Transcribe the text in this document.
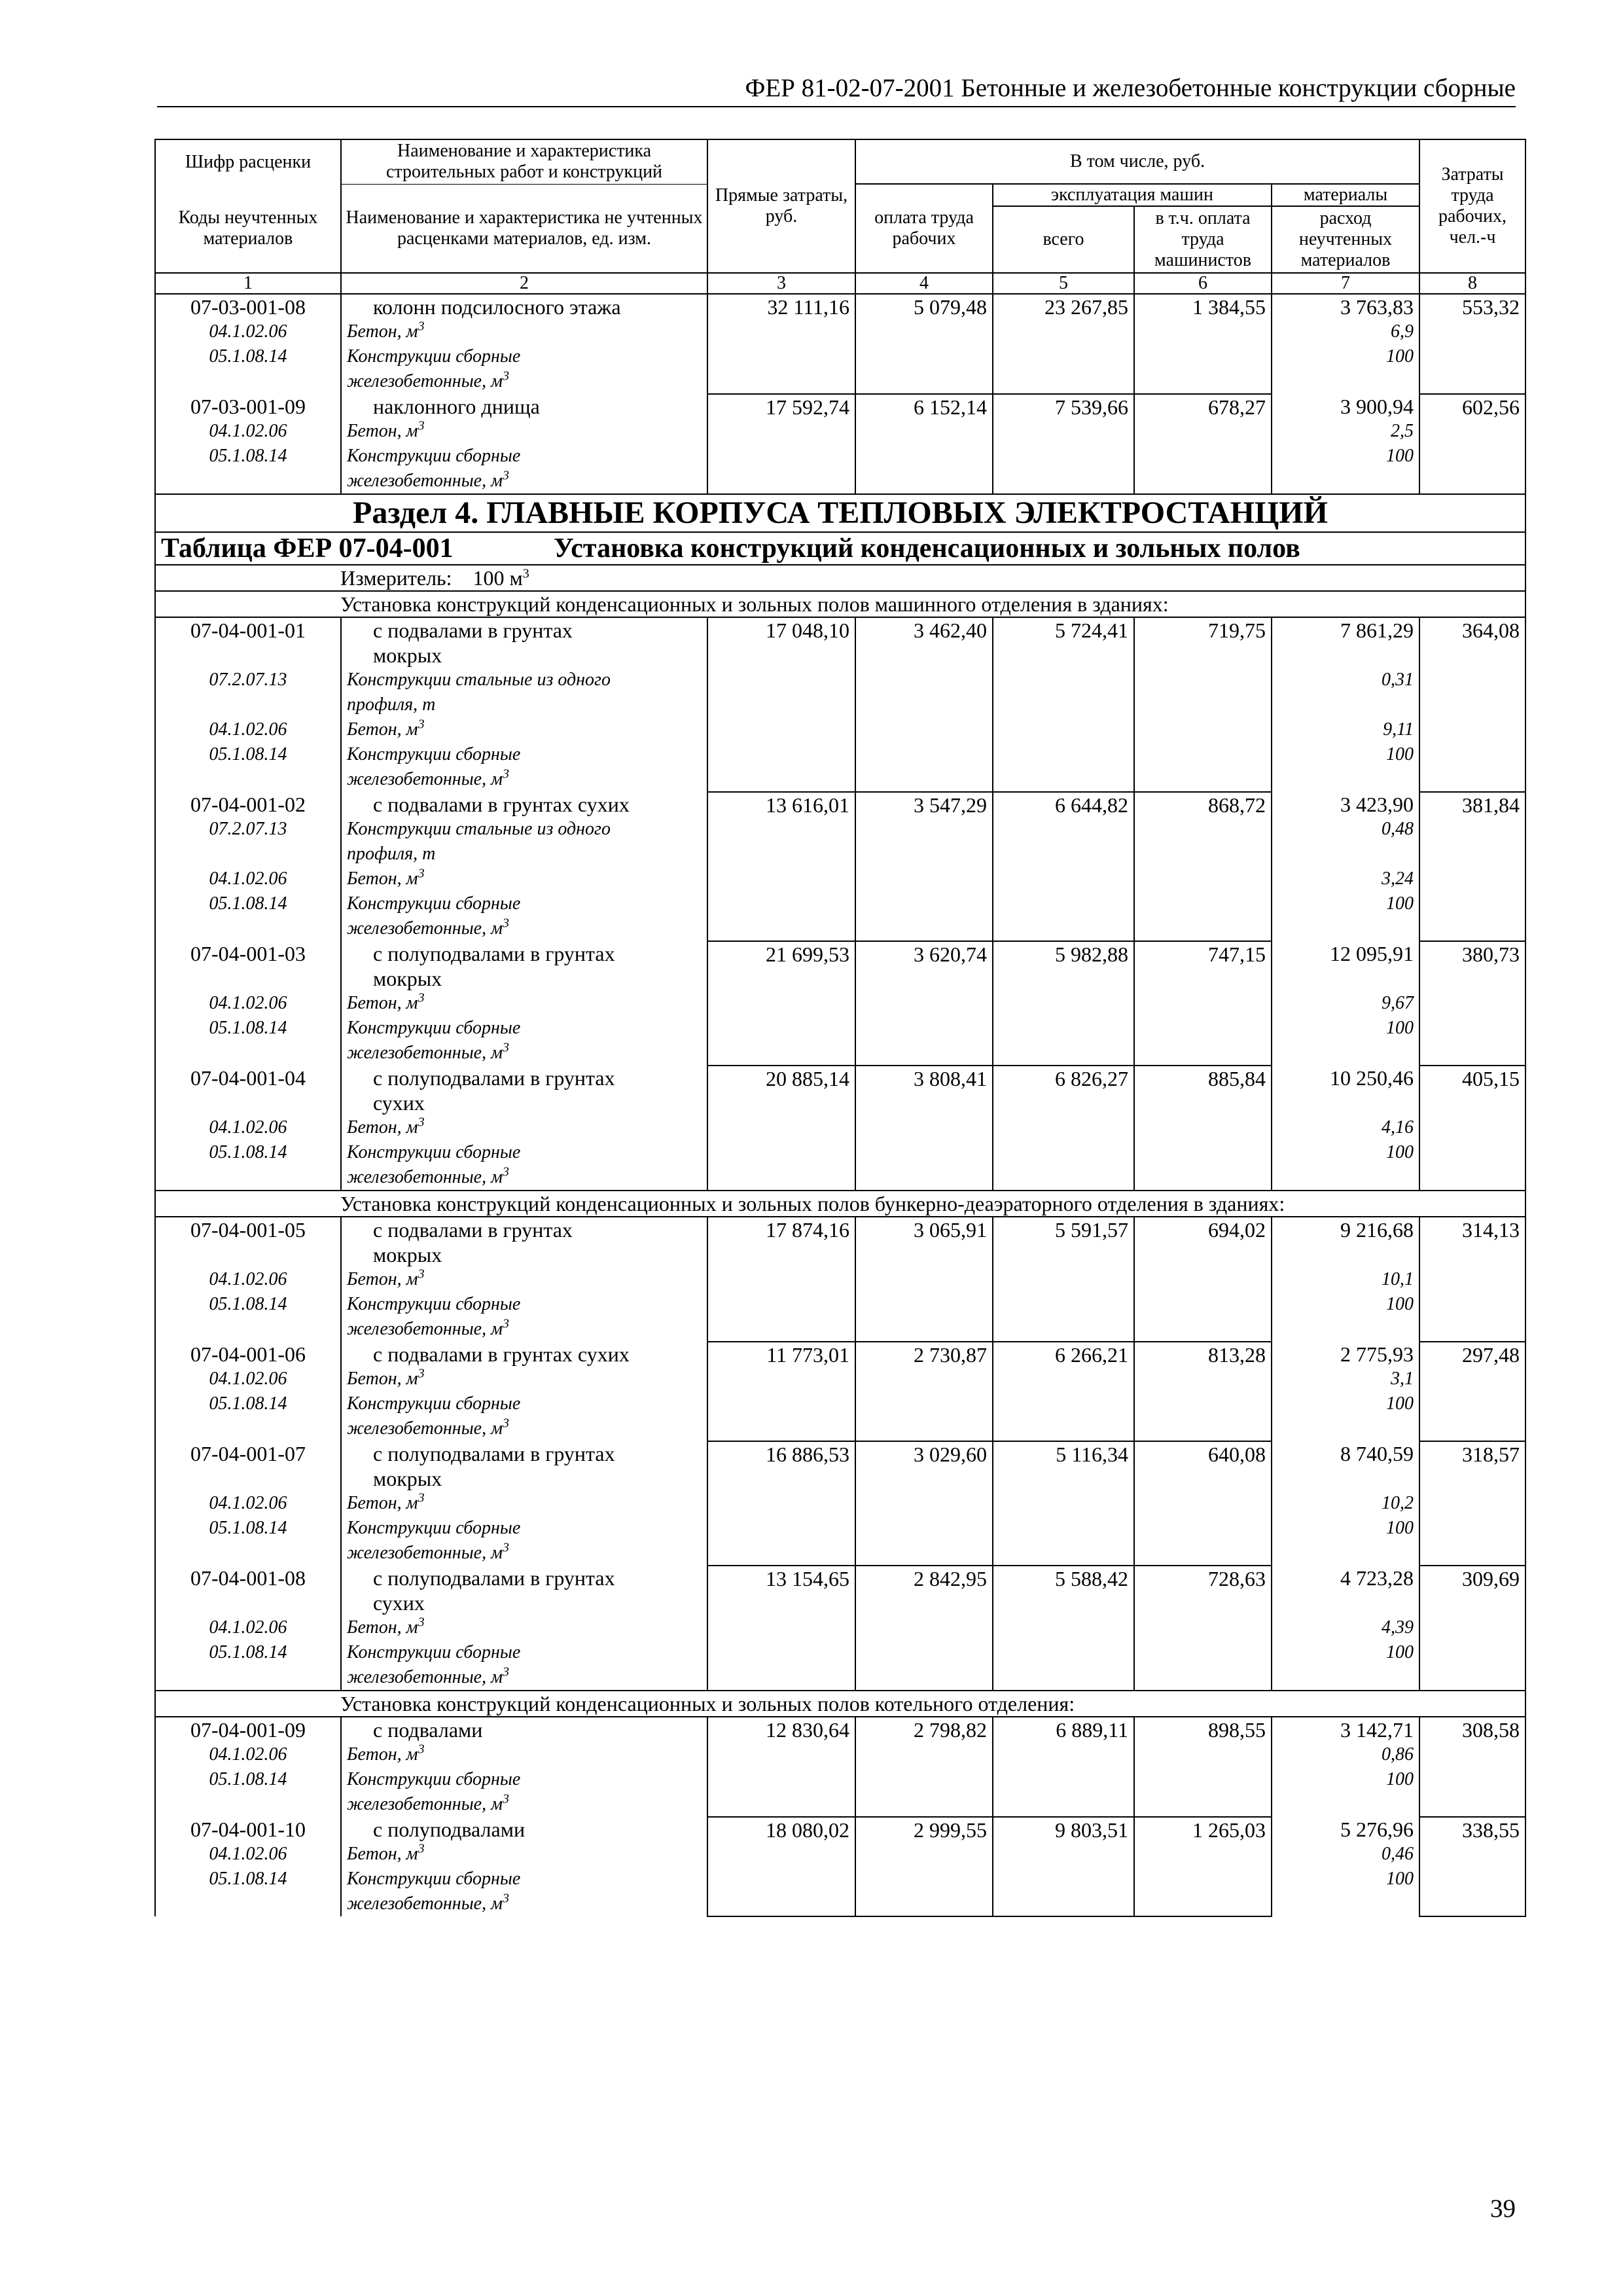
ФЕР 81-02-07-2001 Бетонные и железобетонные конструкции сборные
Шифр расценки	Наименование и характеристика строительных работ и конструкций	Прямые затраты, руб.	В том числе, руб.				Затраты труда рабочих, чел.-ч
Коды неучтенных материалов	Наименование и характеристика не учтенных расценками материалов, ед. изм.		оплата труда рабочих	эксплуатация машин		материалы	
				всего	в т.ч. оплата труда машинистов	расход неучтенных материалов	

1	2	3	4	5	6	7	8
07-03-001-08	колонн подсилосного этажа	32 111,16	5 079,48	23 267,85	1 384,55	3 763,83	553,32

04.1.02.06	Бетон, $м^3$					6,9	

05.1.08.14	Конструкции сборные					100	

	железобетонные, $м^3$	
07-03-001-09	наклонного днища	17 592,74	6 152,14	7 539,66	678,27	3 900,94	602,56

04.1.02.06	Бетон, $м^3$					2,5	

05.1.08.14	Конструкции сборные					100	

	железобетонные, $м^3$	
Раздел 4. ГЛАВНЫЕ КОРПУСА ТЕПЛОВЫХ ЭЛЕКТРОСТАНЦИЙ							
Таблица ФЕР 07-04-001 Установка конструкций конденсационных и зольных полов							
Измеритель: 100 $м^3$
Установка конструкций конденсационных и зольных полов машинного отделения в зданиях:							
07-04-001-01	с подвалами в грунтах	17 048,10	3 462,40	5 724,41	719,75	7 861,29	364,08

	мокрых						

07.2.07.13	Конструкции стальные из одного					0,31	

	профиля, т						

04.1.02.06	Бетон, $м^3$					9,11	

05.1.08.14	Конструкции сборные					100	

	железобетонные, $м^3$	
07-04-001-02	с подвалами в грунтах сухих	13 616,01	3 547,29	6 644,82	868,72	3 423,90	381,84

07.2.07.13	Конструкции стальные из одного					0,48	

	профиля, т						

04.1.02.06	Бетон, $м^3$					3,24	

05.1.08.14	Конструкции сборные					100	

	железобетонные, $м^3$	
07-04-001-03	с полуподвалами в грунтах	21 699,53	3 620,74	5 982,88	747,15	12 095,91	380,73

	мокрых						

04.1.02.06	Бетон, $м^3$					9,67	

05.1.08.14	Конструкции сборные					100	

	железобетонные, $м^3$	
07-04-001-04	с полуподвалами в грунтах	20 885,14	3 808,41	6 826,27	885,84	10 250,46	405,15

	сухих						

04.1.02.06	Бетон, $м^3$					4,16	

05.1.08.14	Конструкции сборные					100	

	железобетонные, $м^3$	
Установка конструкций конденсационных и зольных полов бункерно-деаэраторного отделения в зданиях:							
07-04-001-05	с подвалами в грунтах	17 874,16	3 065,91	5 591,57	694,02	9 216,68	314,13

	мокрых						

04.1.02.06	Бетон, $м^3$					10,1	

05.1.08.14	Конструкции сборные					100	

	железобетонные, $м^3$	
07-04-001-06	с подвалами в грунтах сухих	11 773,01	2 730,87	6 266,21	813,28	2 775,93	297,48

04.1.02.06	Бетон, $м^3$					3,1	

05.1.08.14	Конструкции сборные					100	

	железобетонные, $м^3$	
07-04-001-07	с полуподвалами в грунтах	16 886,53	3 029,60	5 116,34	640,08	8 740,59	318,57

	мокрых						

04.1.02.06	Бетон, $м^3$					10,2	

05.1.08.14	Конструкции сборные					100	

	железобетонные, $м^3$	
07-04-001-08	с полуподвалами в грунтах	13 154,65	2 842,95	5 588,42	728,63	4 723,28	309,69

	сухих						

04.1.02.06	Бетон, $м^3$					4,39	

05.1.08.14	Конструкции сборные					100	

	железобетонные, $м^3$	
Установка конструкций конденсационных и зольных полов котельного отделения:							
07-04-001-09	с подвалами	12 830,64	2 798,82	6 889,11	898,55	3 142,71	308,58

04.1.02.06	Бетон, $м^3$					0,86	

05.1.08.14	Конструкции сборные					100	

	железобетонные, $м^3$	
07-04-001-10	с полуподвалами	18 080,02	2 999,55	9 803,51	1 265,03	5 276,96	338,55

04.1.02.06	Бетон, $м^3$					0,46	

05.1.08.14	Конструкции сборные					100	

	железобетонные, $м^3$	
39
